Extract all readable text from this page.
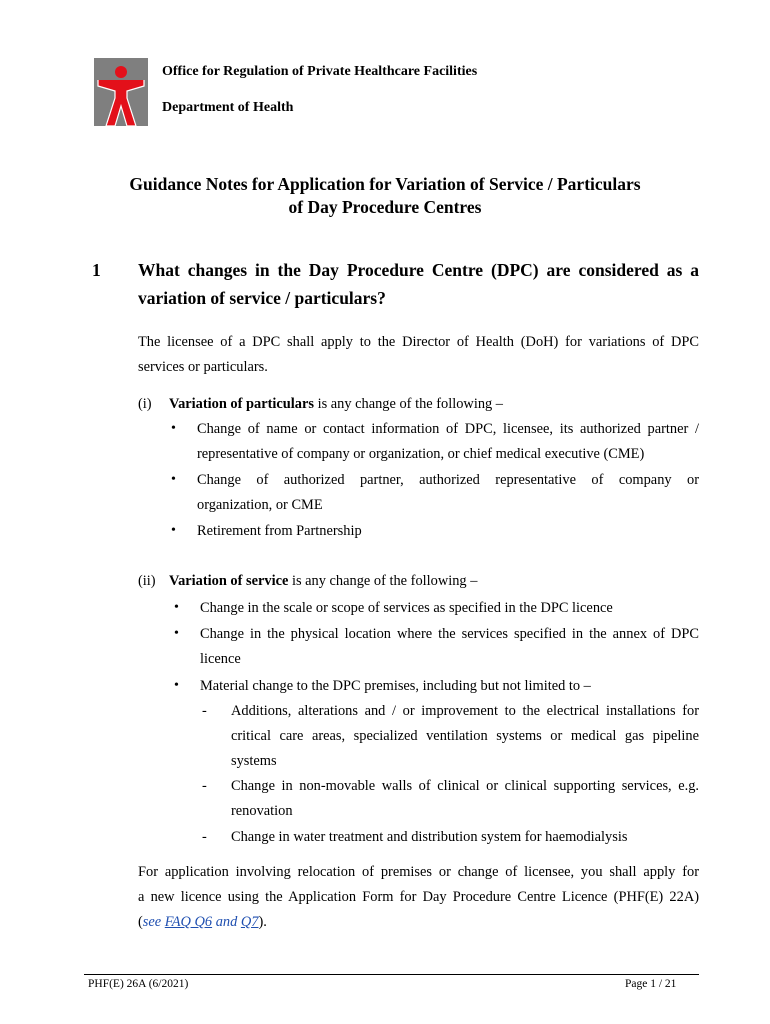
Office for Regulation of Private Healthcare Facilities
Department of Health
Guidance Notes for Application for Variation of Service / Particulars
of Day Procedure Centres
1 What changes in the Day Procedure Centre (DPC) are considered as a
variation of service / particulars?
The licensee of a DPC shall apply to the Director of Health (DoH) for variations of DPC
services or particulars.
(i) Variation of particulars is any change of the following –
• Change of name or contact information of DPC, licensee, its authorized partner /
representative of company or organization, or chief medical executive (CME)
• Change of authorized partner, authorized representative of company or
organization, or CME
• Retirement from Partnership
(ii) Variation of service is any change of the following –
• Change in the scale or scope of services as specified in the DPC licence
• Change in the physical location where the services specified in the annex of DPC
licence
• Material change to the DPC premises, including but not limited to –
- Additions, alterations and / or improvement to the electrical installations for
critical care areas, specialized ventilation systems or medical gas pipeline
systems
- Change in non-movable walls of clinical or clinical supporting services, e.g.
renovation
- Change in water treatment and distribution system for haemodialysis
For application involving relocation of premises or change of licensee, you shall apply for
a new licence using the Application Form for Day Procedure Centre Licence (PHF(E) 22A)
(see FAQ Q6 and Q7).
PHF(E) 26A (6/2021)	Page 1 / 21
